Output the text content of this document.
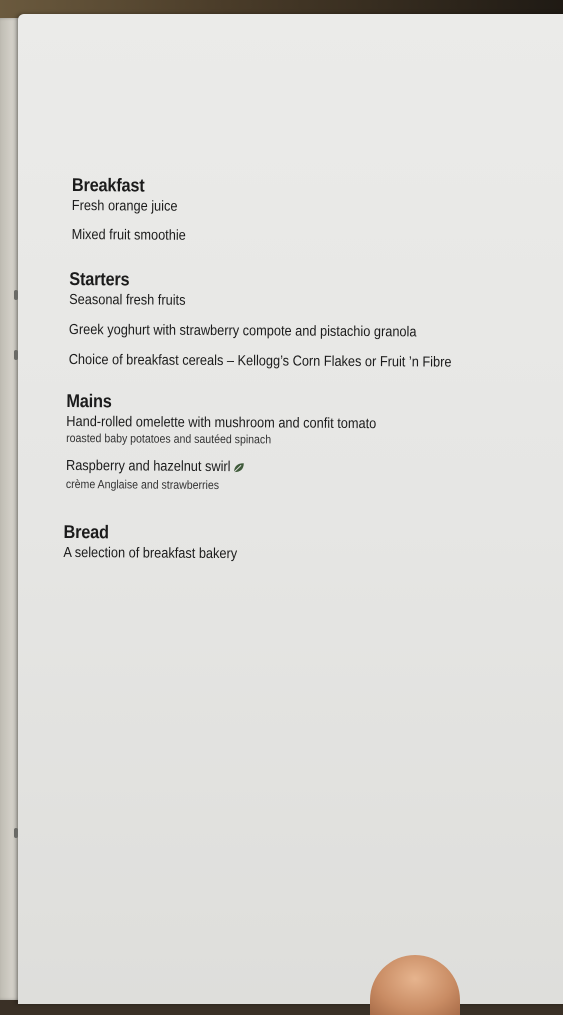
Breakfast
Fresh orange juice
Mixed fruit smoothie
Starters
Seasonal fresh fruits
Greek yoghurt with strawberry compote and pistachio granola
Choice of breakfast cereals – Kellogg’s Corn Flakes or Fruit ’n Fibre
Mains
Hand-rolled omelette with mushroom and confit tomato
roasted baby potatoes and sautéed spinach
Raspberry and hazelnut swirl
crème Anglaise and strawberries
Bread
A selection of breakfast bakery
